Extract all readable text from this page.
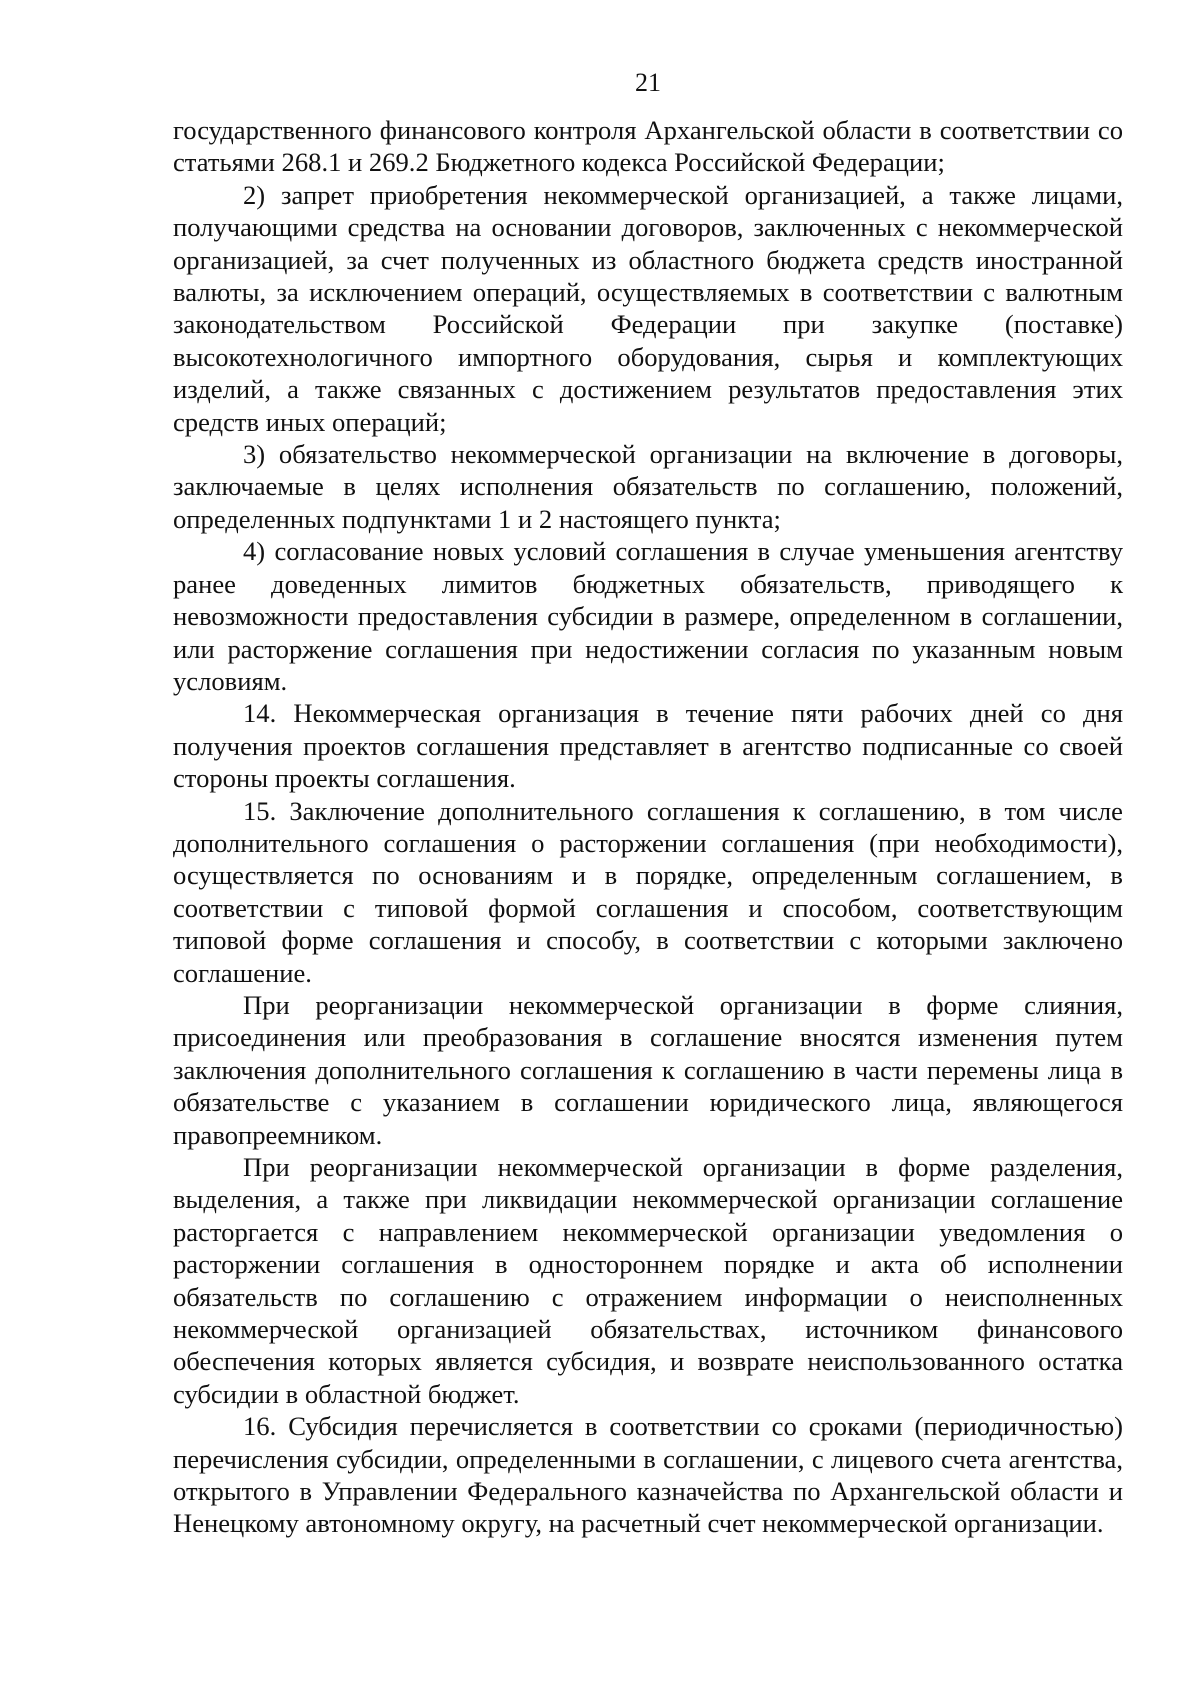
21

государственного финансового контроля Архангельской области в соответствии со статьями 268.1 и 269.2 Бюджетного кодекса Российской Федерации;

2) запрет приобретения некоммерческой организацией, а также лицами, получающими средства на основании договоров, заключенных с некоммерческой организацией, за счет полученных из областного бюджета средств иностранной валюты, за исключением операций, осуществляемых в соответствии с валютным законодательством Российской Федерации при закупке (поставке) высокотехнологичного импортного оборудования, сырья и комплектующих изделий, а также связанных с достижением результатов предоставления этих средств иных операций;

3) обязательство некоммерческой организации на включение в договоры, заключаемые в целях исполнения обязательств по соглашению, положений, определенных подпунктами 1 и 2 настоящего пункта;

4) согласование новых условий соглашения в случае уменьшения агентству ранее доведенных лимитов бюджетных обязательств, приводящего к невозможности предоставления субсидии в размере, определенном в соглашении, или расторжение соглашения при недостижении согласия по указанным новым условиям.

14. Некоммерческая организация в течение пяти рабочих дней со дня получения проектов соглашения представляет в агентство подписанные со своей стороны проекты соглашения.

15. Заключение дополнительного соглашения к соглашению, в том числе дополнительного соглашения о расторжении соглашения (при необходимости), осуществляется по основаниям и в порядке, определенным соглашением, в соответствии с типовой формой соглашения и способом, соответствующим типовой форме соглашения и способу, в соответствии с которыми заключено соглашение.

При реорганизации некоммерческой организации в форме слияния, присоединения или преобразования в соглашение вносятся изменения путем заключения дополнительного соглашения к соглашению в части перемены лица в обязательстве с указанием в соглашении юридического лица, являющегося правопреемником.

При реорганизации некоммерческой организации в форме разделения, выделения, а также при ликвидации некоммерческой организации соглашение расторгается с направлением некоммерческой организации уведомления о расторжении соглашения в одностороннем порядке и акта об исполнении обязательств по соглашению с отражением информации о неисполненных некоммерческой организацией обязательствах, источником финансового обеспечения которых является субсидия, и возврате неиспользованного остатка субсидии в областной бюджет.

16. Субсидия перечисляется в соответствии со сроками (периодичностью) перечисления субсидии, определенными в соглашении, с лицевого счета агентства, открытого в Управлении Федерального казначейства по Архангельской области и Ненецкому автономному округу, на расчетный счет некоммерческой организации.
